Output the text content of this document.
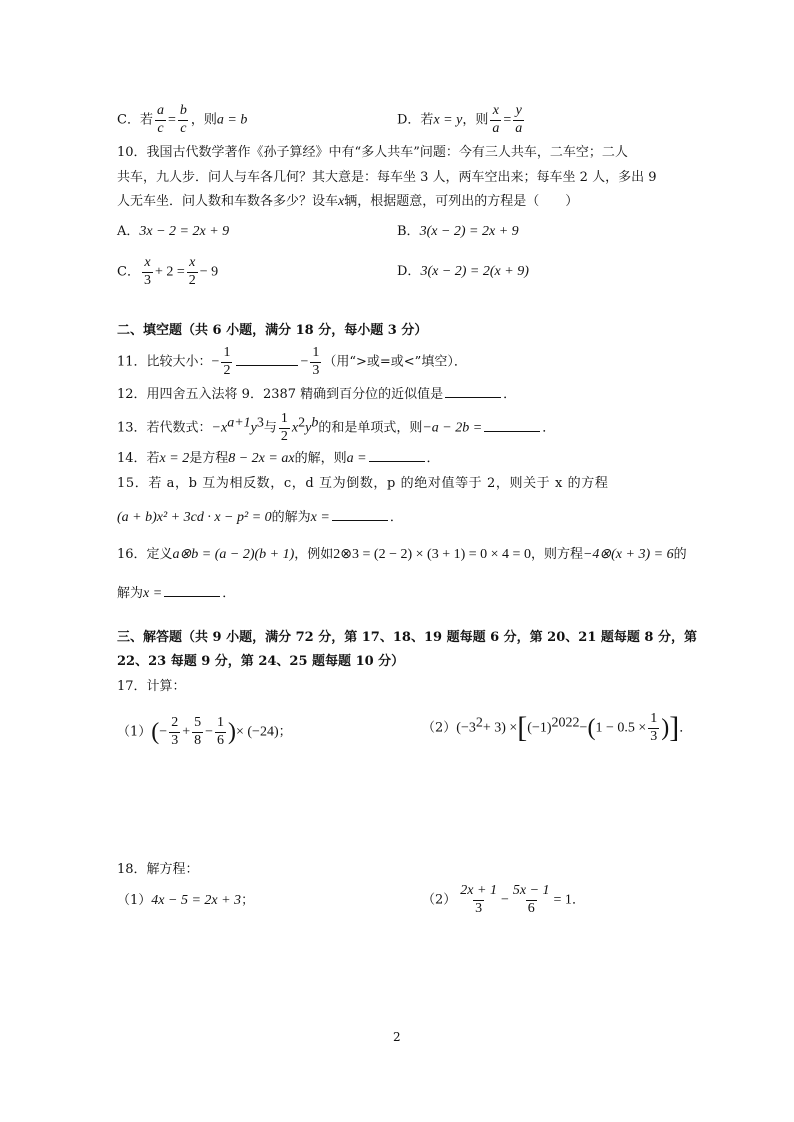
C．若 $\frac{a}{c} = \frac{b}{c}$ ，则a = b	D．若x = y，则 $\frac{x}{a} = \frac{y}{a}$
10．我国古代数学著作《孙子算经》中有“多人共车”问题：今有三人共车，二车空；二人
共车，九人步．问人与车各几何？其大意是：每车坐 3 人，两车空出来；每车坐 2 人，多出 9
人无车坐．问人数和车数各多少？设车x辆，根据题意，可列出的方程是（　　）
A．3x − 2 = 2x + 9	B．3(x − 2) = 2x + 9
C． $\frac{x}{3} + 2 = \frac{x}{2} - 9$	D．3(x − 2) = 2(x + 9)
二、填空题（共 6 小题，满分 18 分，每小题 3 分）
11．比较大小：− $\frac{1}{2}$	− $\frac{1}{3}$ （用“>或=或<”填空）．
12．用四舍五入法将 9．2387 精确到百分位的近似值是	．
13．若代数式：$-x^{a+1}y^3$与 $\frac{1}{2} x^2y^b$的和是单项式，则−a − 2b =	．
14．若x = 2是方程8 − 2x = ax的解，则a =	．
15．若 a，b 互为相反数，c，d 互为倒数，p 的绝对值等于 2，则关于 x 的方程
(a + b)x² + 3cd · x − p² = 0的解为x =	．
16．定义a⊗b = (a − 2)(b + 1)，例如2⊗3 = (2 − 2) × (3 + 1) = 0 × 4 = 0，则方程−4⊗(x + 3) = 6的
解为x =	．
三、解答题（共 9 小题，满分 72 分，第 17、18、19 题每题 6 分，第 20、21 题每题 8 分，第
22、23 每题 9 分，第 24、25 题每题 10 分）
17．计算：
$(1)(- \frac{2}{3} + \frac{5}{8} - \frac{1}{6}$ )× (−24)；	$(2)(-3^2+ 3) \times[(-1)^{2022}-(1 - 0.5 \times \frac{1}{3}$ )]．
18．解方程：
（1）4x − 5 = 2x + 3；	$(2) \frac{2x + 1}{3} - \frac{5x - 1}{6} = 1$．
2
